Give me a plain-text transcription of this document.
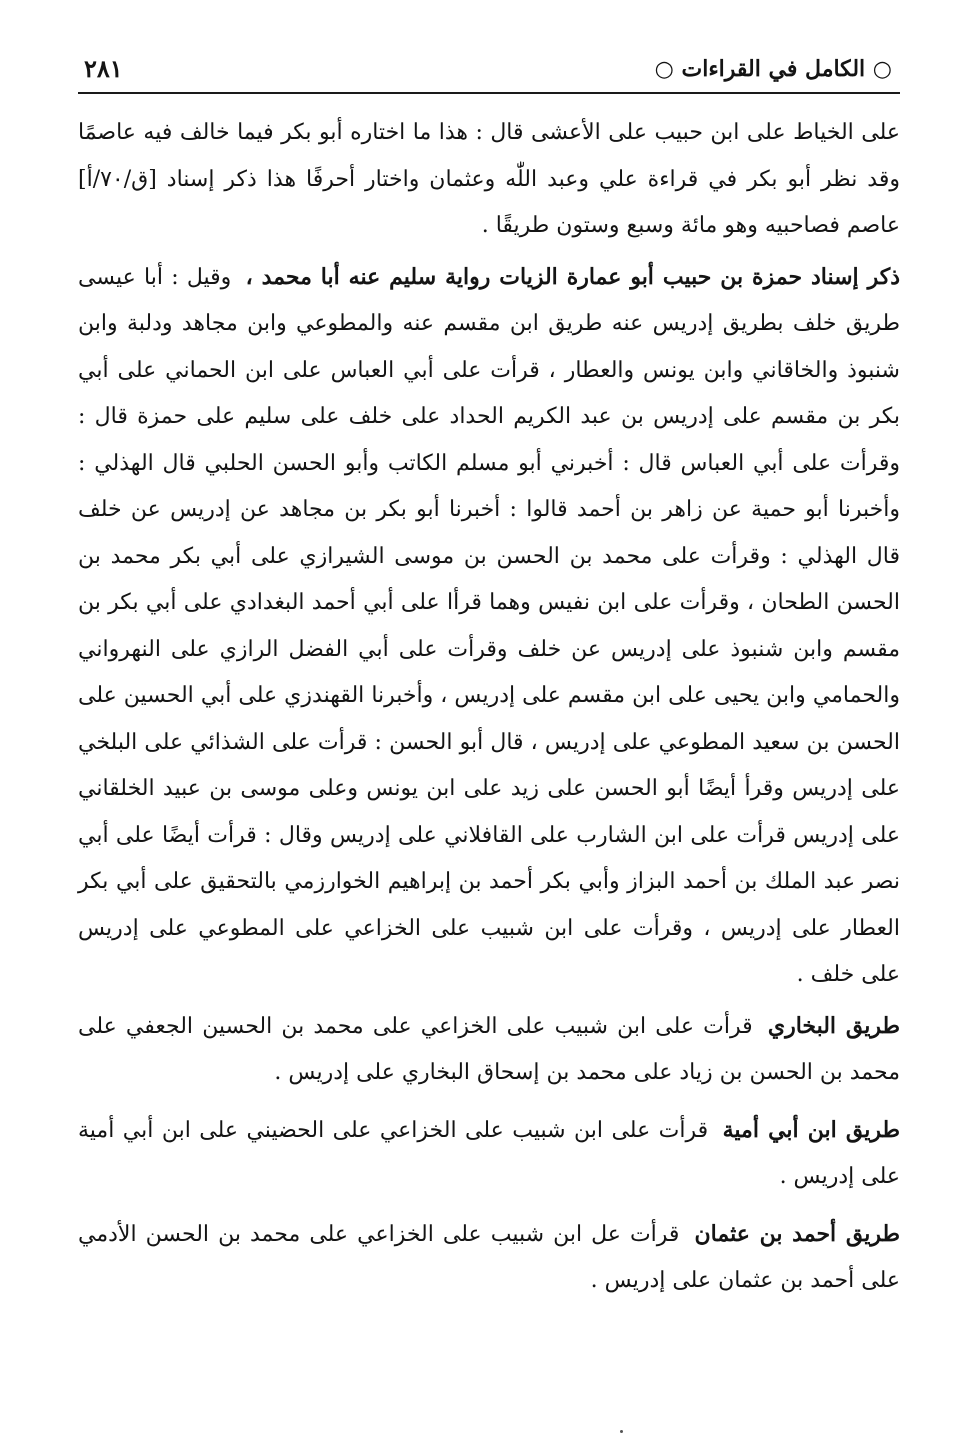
○ الكامل في القراءات ○
٢٨١

على الخياط على ابن حبيب على الأعشى قال : هذا ما اختاره أبو بكر فيما خالف فيه عاصمًا وقد نظر أبو بكر في قراءة علي وعبد اللّٰه وعثمان واختار أحرفًا هذا ذكر إسناد [ق/٧٠/أ] عاصم فصاحبيه وهو مائة وسبع وستون طريقًا .

ذكر إسناد حمزة بن حبيب أبو عمارة الزيات رواية سليم عنه أبا محمد ، وقيل : أبا عيسى طريق خلف بطريق إدريس عنه طريق ابن مقسم عنه والمطوعي وابن مجاهد ودلبة وابن شنبوذ والخاقاني وابن يونس والعطار ، قرأت على أبي العباس على ابن الحماني على أبي بكر بن مقسم على إدريس بن عبد الكريم الحداد على خلف على سليم على حمزة قال : وقرأت على أبي العباس قال : أخبرني أبو مسلم الكاتب وأبو الحسن الحلبي قال الهذلي : وأخبرنا أبو حمية عن زاهر بن أحمد قالوا : أخبرنا أبو بكر بن مجاهد عن إدريس عن خلف قال الهذلي : وقرأت على محمد بن الحسن بن موسى الشيرازي على أبي بكر محمد بن الحسن الطحان ، وقرأت على ابن نفيس وهما قرأا على أبي أحمد البغدادي على أبي بكر بن مقسم وابن شنبوذ على إدريس عن خلف وقرأت على أبي الفضل الرازي على النهرواني والحمامي وابن يحيى على ابن مقسم على إدريس ، وأخبرنا القهندزي على أبي الحسين على الحسن بن سعيد المطوعي على إدريس ، قال أبو الحسن : قرأت على الشذائي على البلخي على إدريس وقرأ أيضًا أبو الحسن على زيد على ابن يونس وعلى موسى بن عبيد الخلقاني على إدريس قرأت على ابن الشارب على القافلاني على إدريس وقال : قرأت أيضًا على أبي نصر عبد الملك بن أحمد البزاز وأبي بكر أحمد بن إبراهيم الخوارزمي بالتحقيق على أبي بكر العطار على إدريس ، وقرأت على ابن شبيب على الخزاعي على المطوعي على إدريس على خلف .

طريق البخاري قرأت على ابن شبيب على الخزاعي على محمد بن الحسين الجعفي على محمد بن الحسن بن زياد على محمد بن إسحاق البخاري على إدريس .

طريق ابن أبي أمية قرأت على ابن شبيب على الخزاعي على الحضيني على ابن أبي أمية على إدريس .

طريق أحمد بن عثمان قرأت عل ابن شبيب على الخزاعي على محمد بن الحسن الأدمي على أحمد بن عثمان على إدريس .
